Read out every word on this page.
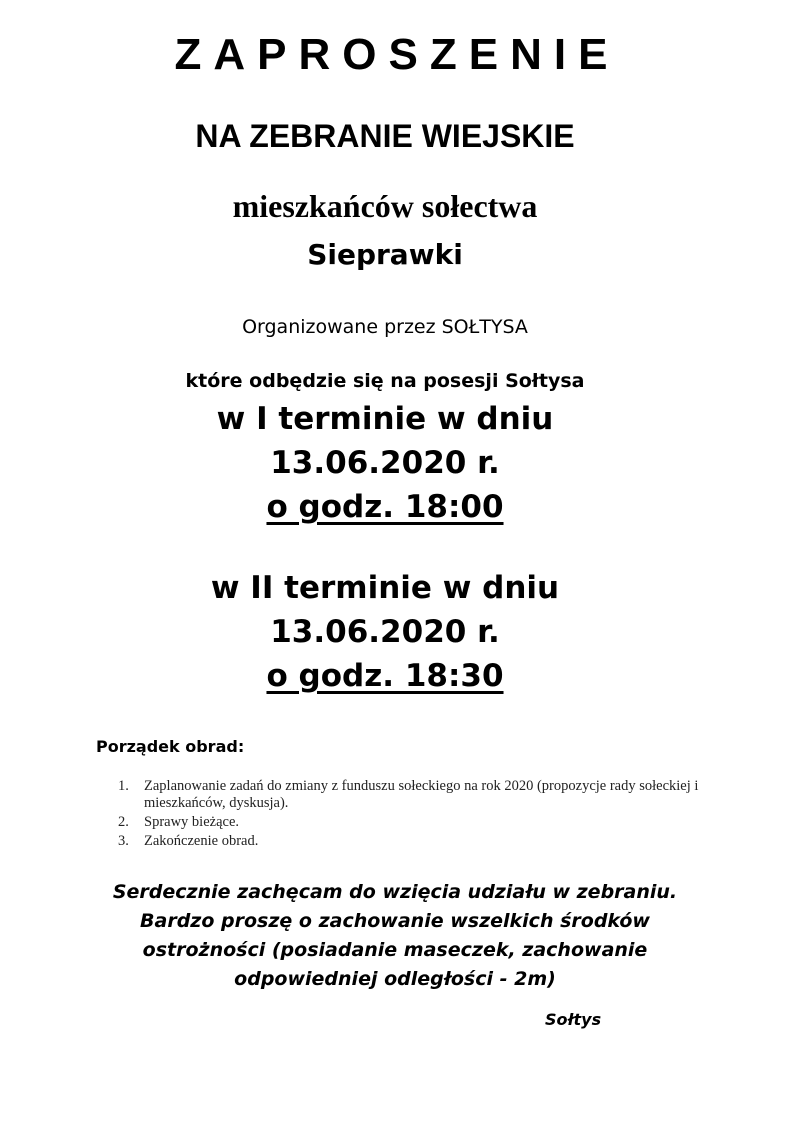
ZAPROSZENIE
NA ZEBRANIE WIEJSKIE
mieszkańców sołectwa
Sieprawki
Organizowane przez SOŁTYSA
które odbędzie się na posesji Sołtysa
w I terminie w dniu
13.06.2020 r.
o godz. 18:00
w II terminie w dniu
13.06.2020 r.
o godz. 18:30
Porządek obrad:
1. Zaplanowanie zadań do zmiany z funduszu sołeckiego na rok 2020 (propozycje rady sołeckiej i mieszkańców, dyskusja).
2. Sprawy bieżące.
3. Zakończenie obrad.
Serdecznie zachęcam do wzięcia udziału w zebraniu.
Bardzo proszę o zachowanie wszelkich środków
ostrożności (posiadanie maseczek, zachowanie
odpowiedniej odległości - 2m)
Sołtys
